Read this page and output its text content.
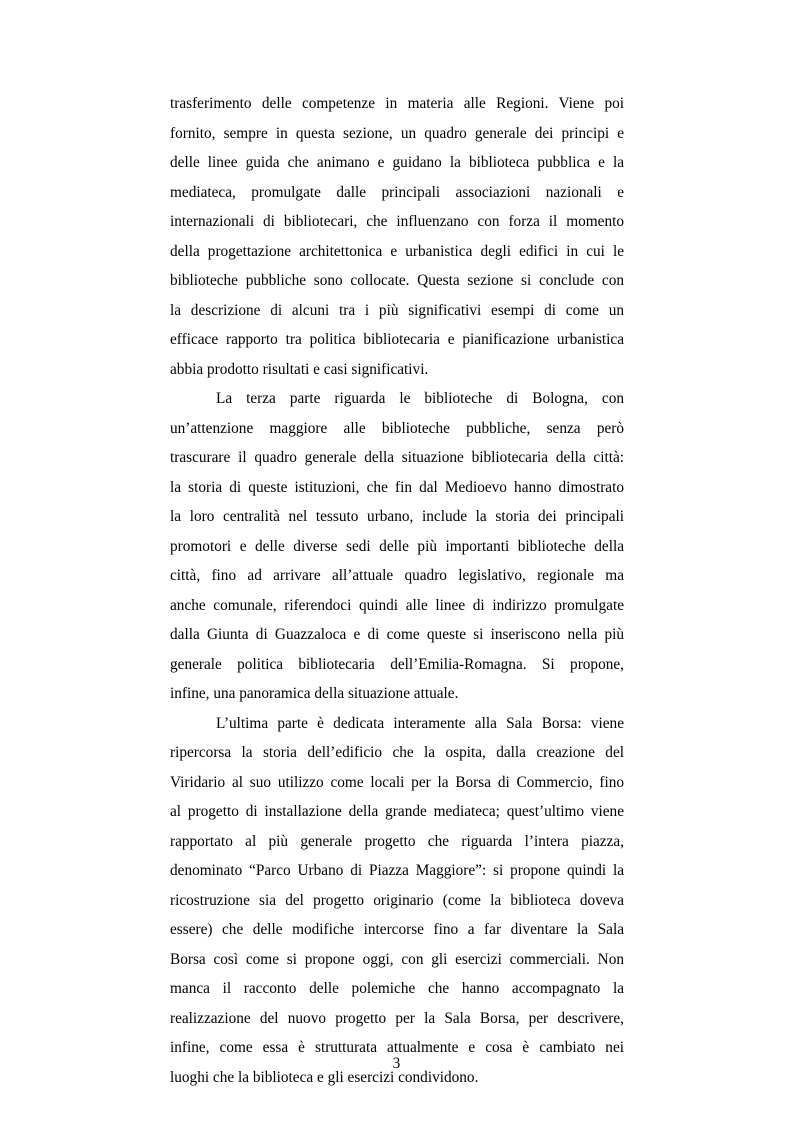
trasferimento delle competenze in materia alle Regioni. Viene poi
fornito, sempre in questa sezione, un quadro generale dei principi e
delle linee guida che animano e guidano la biblioteca pubblica e la
mediateca, promulgate dalle principali associazioni nazionali e
internazionali di bibliotecari, che influenzano con forza il momento
della progettazione architettonica e urbanistica degli edifici in cui le
biblioteche pubbliche sono collocate. Questa sezione si conclude con
la descrizione di alcuni tra i più significativi esempi di come un
efficace rapporto tra politica bibliotecaria e pianificazione urbanistica
abbia prodotto risultati e casi significativi.
La terza parte riguarda le biblioteche di Bologna, con
un’attenzione maggiore alle biblioteche pubbliche, senza però
trascurare il quadro generale della situazione bibliotecaria della città:
la storia di queste istituzioni, che fin dal Medioevo hanno dimostrato
la loro centralità nel tessuto urbano, include la storia dei principali
promotori e delle diverse sedi delle più importanti biblioteche della
città, fino ad arrivare all’attuale quadro legislativo, regionale ma
anche comunale, riferendoci quindi alle linee di indirizzo promulgate
dalla Giunta di Guazzaloca e di come queste si inseriscono nella più
generale politica bibliotecaria dell’Emilia-Romagna. Si propone,
infine, una panoramica della situazione attuale.
L’ultima parte è dedicata interamente alla Sala Borsa: viene
ripercorsa la storia dell’edificio che la ospita, dalla creazione del
Viridario al suo utilizzo come locali per la Borsa di Commercio, fino
al progetto di installazione della grande mediateca; quest’ultimo viene
rapportato al più generale progetto che riguarda l’intera piazza,
denominato “Parco Urbano di Piazza Maggiore”: si propone quindi la
ricostruzione sia del progetto originario (come la biblioteca doveva
essere) che delle modifiche intercorse fino a far diventare la Sala
Borsa così come si propone oggi, con gli esercizi commerciali. Non
manca il racconto delle polemiche che hanno accompagnato la
realizzazione del nuovo progetto per la Sala Borsa, per descrivere,
infine, come essa è strutturata attualmente e cosa è cambiato nei
luoghi che la biblioteca e gli esercizi condividono.
3
